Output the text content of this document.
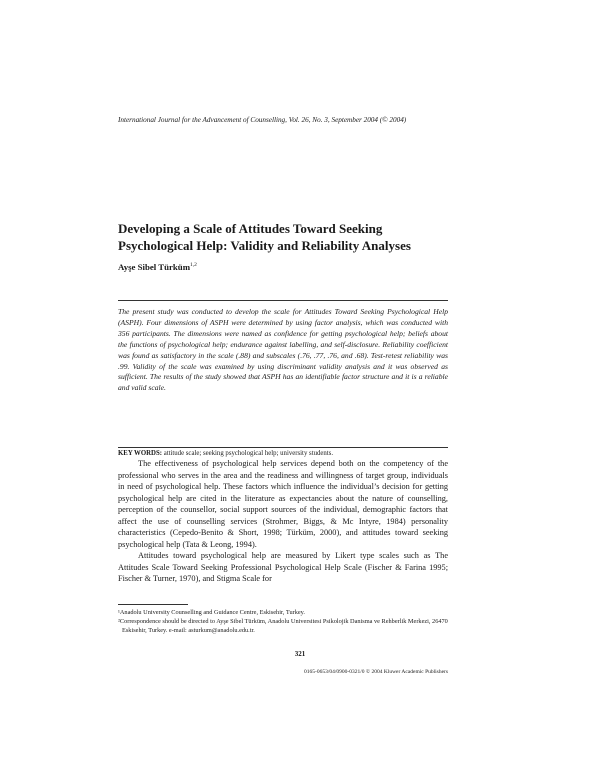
International Journal for the Advancement of Counselling, Vol. 26, No. 3, September 2004 (© 2004)
Developing a Scale of Attitudes Toward Seeking Psychological Help: Validity and Reliability Analyses
Ayşe Sibel Türküm$^{1,2}$
The present study was conducted to develop the scale for Attitudes Toward Seeking Psychological Help (ASPH). Four dimensions of ASPH were determined by using factor analysis, which was conducted with 356 participants. The dimensions were named as confidence for getting psychological help; beliefs about the functions of psychological help; endurance against labelling, and self-disclosure. Reliability coefficient was found as satisfactory in the scale (.88) and subscales (.76, .77, .76, and .68). Test-retest reliability was .99. Validity of the scale was examined by using discriminant validity analysis and it was observed as sufficient. The results of the study showed that ASPH has an identifiable factor structure and it is a reliable and valid scale.
KEY WORDS: attitude scale; seeking psychological help; university students.

The effectiveness of psychological help services depend both on the competency of the professional who serves in the area and the readiness and willingness of target group, individuals in need of psychological help. These factors which influence the individual’s decision for getting psychological help are cited in the literature as expectancies about the nature of counselling, perception of the counsellor, social support sources of the individual, demographic factors that affect the use of counselling services (Strohmer, Biggs, & Mc Intyre, 1984) personality characteristics (Cepedo-Benito & Short, 1998; Türküm, 2000), and attitudes toward seeking psychological help (Tata & Leong, 1994).

Attitudes toward psychological help are measured by Likert type scales such as The Attitudes Scale Toward Seeking Professional Psychological Help Scale (Fischer & Farina 1995; Fischer & Turner, 1970), and Stigma Scale for

¹Anadolu University Counselling and Guidance Centre, Eskisehir, Turkey.
²Correspondence should be directed to Ayşe Sibel Türküm, Anadolu Universitesi Psikolojik Danisma ve Rehberlik Merkezi, 26470 Eskisehir, Turkey. e-mail: asturkum@anadolu.edu.tr.
321
0165-0653/04/0900-0321/0 © 2004 Kluwer Academic Publishers
